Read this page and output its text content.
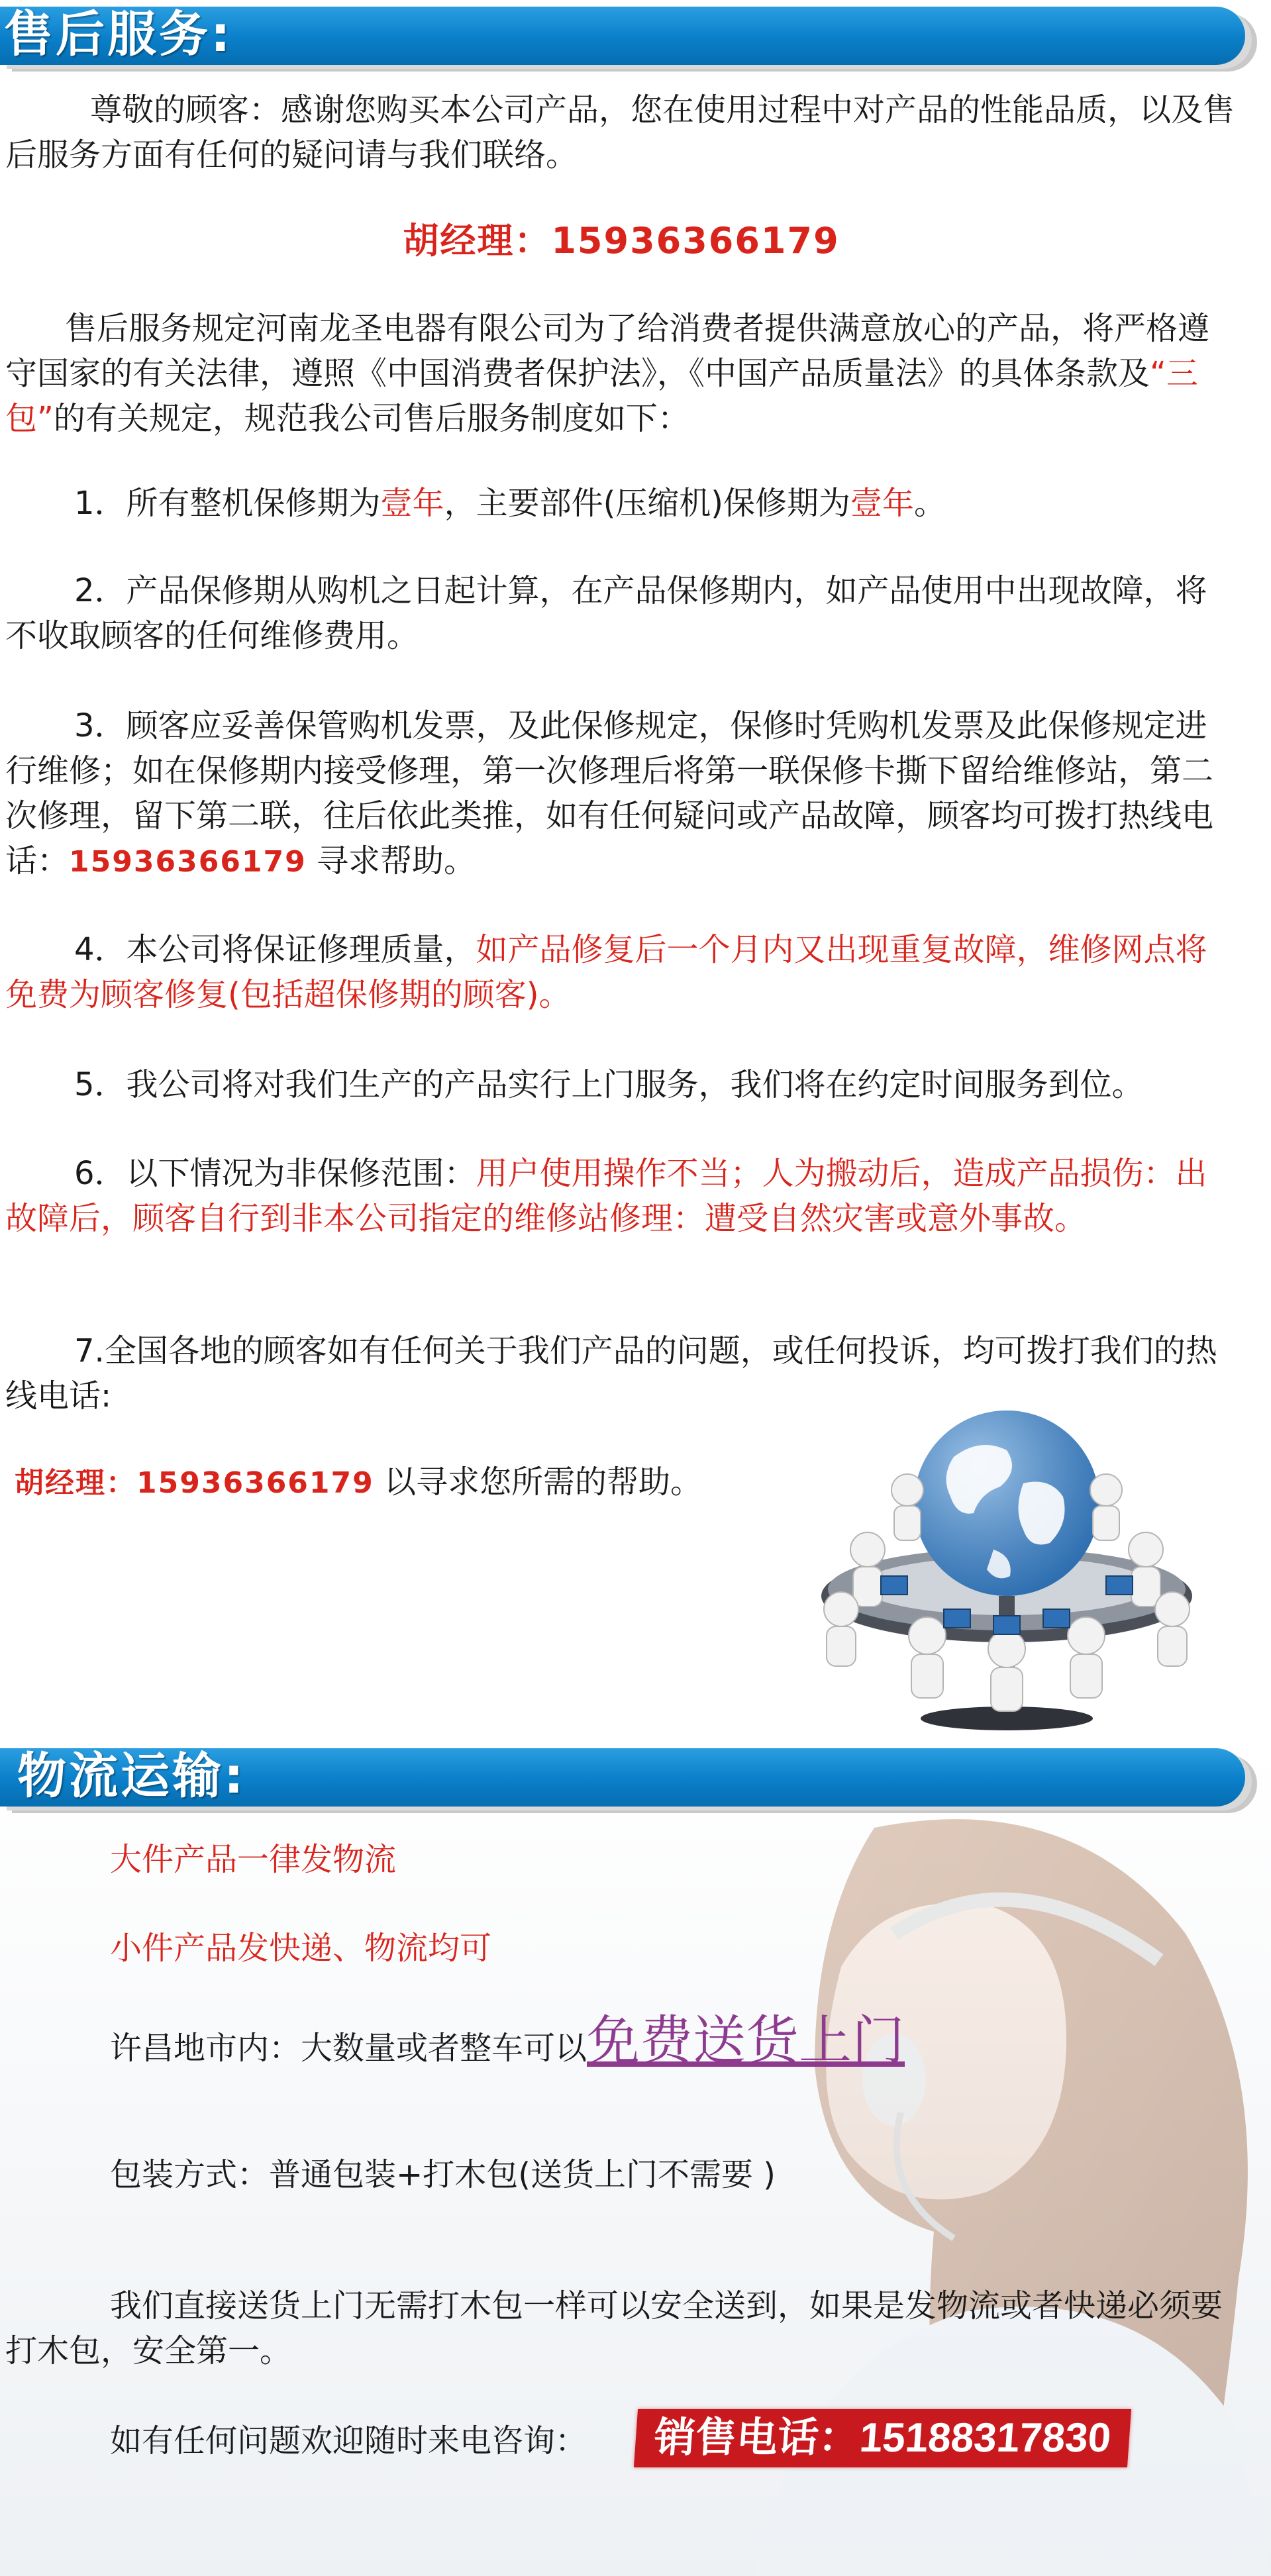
售后服务:
尊敬的顾客：感谢您购买本公司产品，您在使用过程中对产品的性能品质，以及售后服务方面有任何的疑问请与我们联络。
胡经理：15936366179
售后服务规定河南龙圣电器有限公司为了给消费者提供满意放心的产品，将严格遵守国家的有关法律，遵照《中国消费者保护法》，《中国产品质量法》的具体条款及“三包”的有关规定，规范我公司售后服务制度如下：
1．所有整机保修期为壹年，主要部件(压缩机)保修期为壹年。
2．产品保修期从购机之日起计算，在产品保修期内，如产品使用中出现故障，将不收取顾客的任何维修费用。
3．顾客应妥善保管购机发票，及此保修规定，保修时凭购机发票及此保修规定进行维修；如在保修期内接受修理，第一次修理后将第一联保修卡撕下留给维修站，第二次修理，留下第二联，往后依此类推，如有任何疑问或产品故障，顾客均可拨打热线电话：15936366179 寻求帮助。
4．本公司将保证修理质量，如产品修复后一个月内又出现重复故障，维修网点将免费为顾客修复(包括超保修期的顾客)。
5．我公司将对我们生产的产品实行上门服务，我们将在约定时间服务到位。
6．以下情况为非保修范围：用户使用操作不当；人为搬动后，造成产品损伤：出故障后，顾客自行到非本公司指定的维修站修理：遭受自然灾害或意外事故。
7.全国各地的顾客如有任何关于我们产品的问题，或任何投诉，均可拨打我们的热线电话:
胡经理：15936366179 以寻求您所需的帮助。
物流运输:
大件产品一律发物流
小件产品发快递、物流均可
许昌地市内：大数量或者整车可以免费送货上门
包装方式：普通包装+打木包(送货上门不需要 )
我们直接送货上门无需打木包一样可以安全送到，如果是发物流或者快递必须要打木包，安全第一。
如有任何问题欢迎随时来电咨询：	销售电话：15188317830
